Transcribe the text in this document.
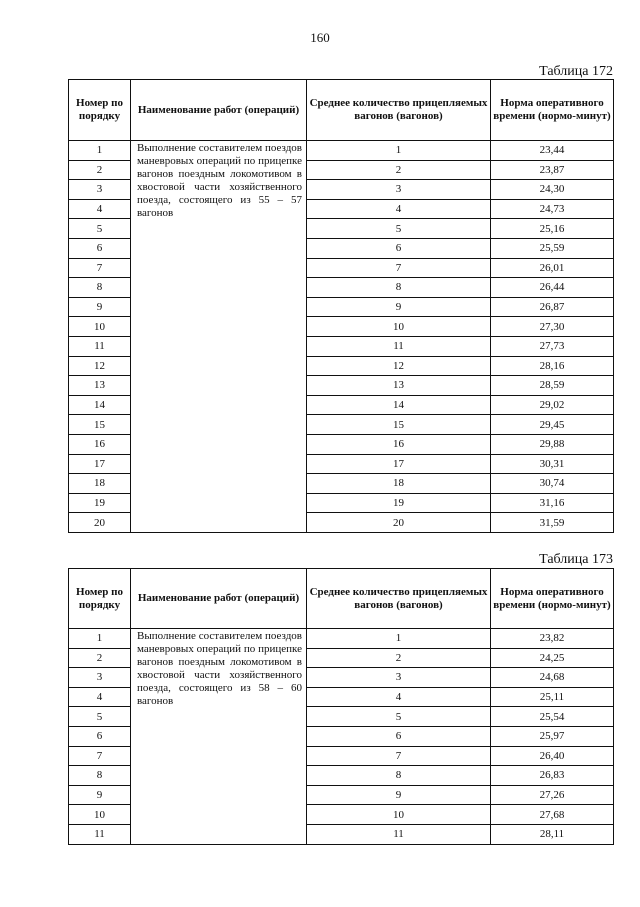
160
Таблица 172
Номер по порядку	Наименование работ (операций)	Среднее количество прицепляемых вагонов (вагонов)	Норма оперативного времени (нормо-минут)
1	Выполнение составителем поездов маневровых операций по прицепке вагонов поездным локомотивом в хвостовой части хозяйственного поезда, состоящего из 55 – 57 вагонов	1	23,44
2		2	23,87
3		3	24,30
4		4	24,73
5		5	25,16
6		6	25,59
7		7	26,01
8		8	26,44
9		9	26,87
10		10	27,30
11		11	27,73
12		12	28,16
13		13	28,59
14		14	29,02
15		15	29,45
16		16	29,88
17		17	30,31
18		18	30,74
19		19	31,16
20		20	31,59
Таблица 173
Номер по порядку	Наименование работ (операций)	Среднее количество прицепляемых вагонов (вагонов)	Норма оперативного времени (нормо-минут)
1	Выполнение составителем поездов маневровых операций по прицепке вагонов поездным локомотивом в хвостовой части хозяйственного поезда, состоящего из 58 – 60 вагонов	1	23,82
2		2	24,25
3		3	24,68
4		4	25,11
5		5	25,54
6		6	25,97
7		7	26,40
8		8	26,83
9		9	27,26
10		10	27,68
11		11	28,11
